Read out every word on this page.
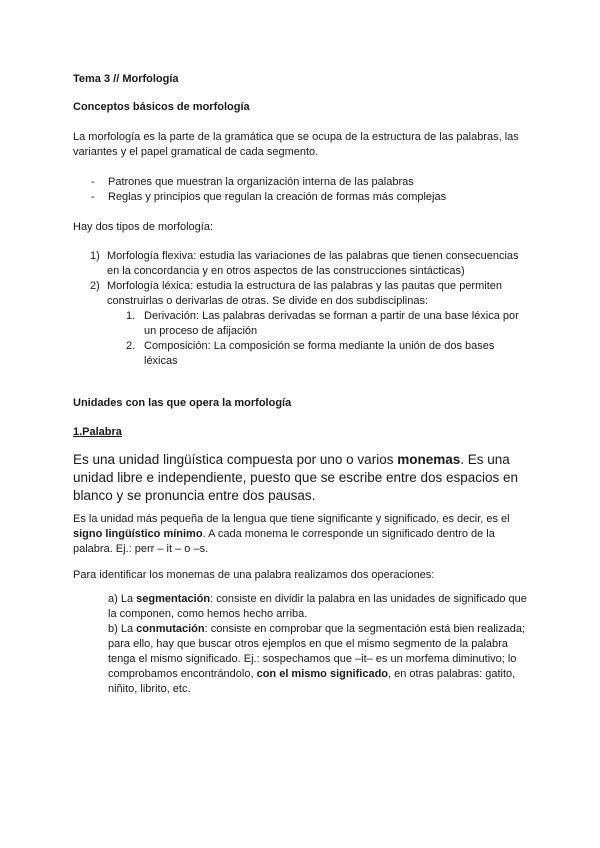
Tema 3 // Morfología
Conceptos básicos de morfología
La morfología es la parte de la gramática que se ocupa de la estructura de las palabras, las variantes y el papel gramatical de cada segmento.
- Patrones que muestran la organización interna de las palabras
- Reglas y principios que regulan la creación de formas más complejas
Hay dos tipos de morfología:
1) Morfología flexiva: estudia las variaciones de las palabras que tienen consecuencias en la concordancia y en otros aspectos de las construcciones sintácticas)
2) Morfología léxica: estudia la estructura de las palabras y las pautas que permiten construirlas o derivarlas de otras. Se divide en dos subdisciplinas:
1. Derivación: Las palabras derivadas se forman a partir de una base léxica por un proceso de afijación
2. Composición: La composición se forma mediante la unión de dos bases léxicas
Unidades con las que opera la morfología
1.Palabra
Es una unidad lingüística compuesta por uno o varios monemas. Es una unidad libre e independiente, puesto que se escribe entre dos espacios en blanco y se pronuncia entre dos pausas.
Es la unidad más pequeña de la lengua que tiene significante y significado, es decir, es el signo lingüístico mínimo. A cada monema le corresponde un significado dentro de la palabra. Ej.: perr – it – o –s.
Para identificar los monemas de una palabra realizamos dos operaciones:
a) La segmentación: consiste en dividir la palabra en las unidades de significado que la componen, como hemos hecho arriba.
b) La conmutación: consiste en comprobar que la segmentación está bien realizada; para ello, hay que buscar otros ejemplos en que el mismo segmento de la palabra tenga el mismo significado. Ej.: sospechamos que –it– es un morfema diminutivo; lo comprobamos encontrándolo, con el mismo significado, en otras palabras: gatito, niñito, librito, etc.
